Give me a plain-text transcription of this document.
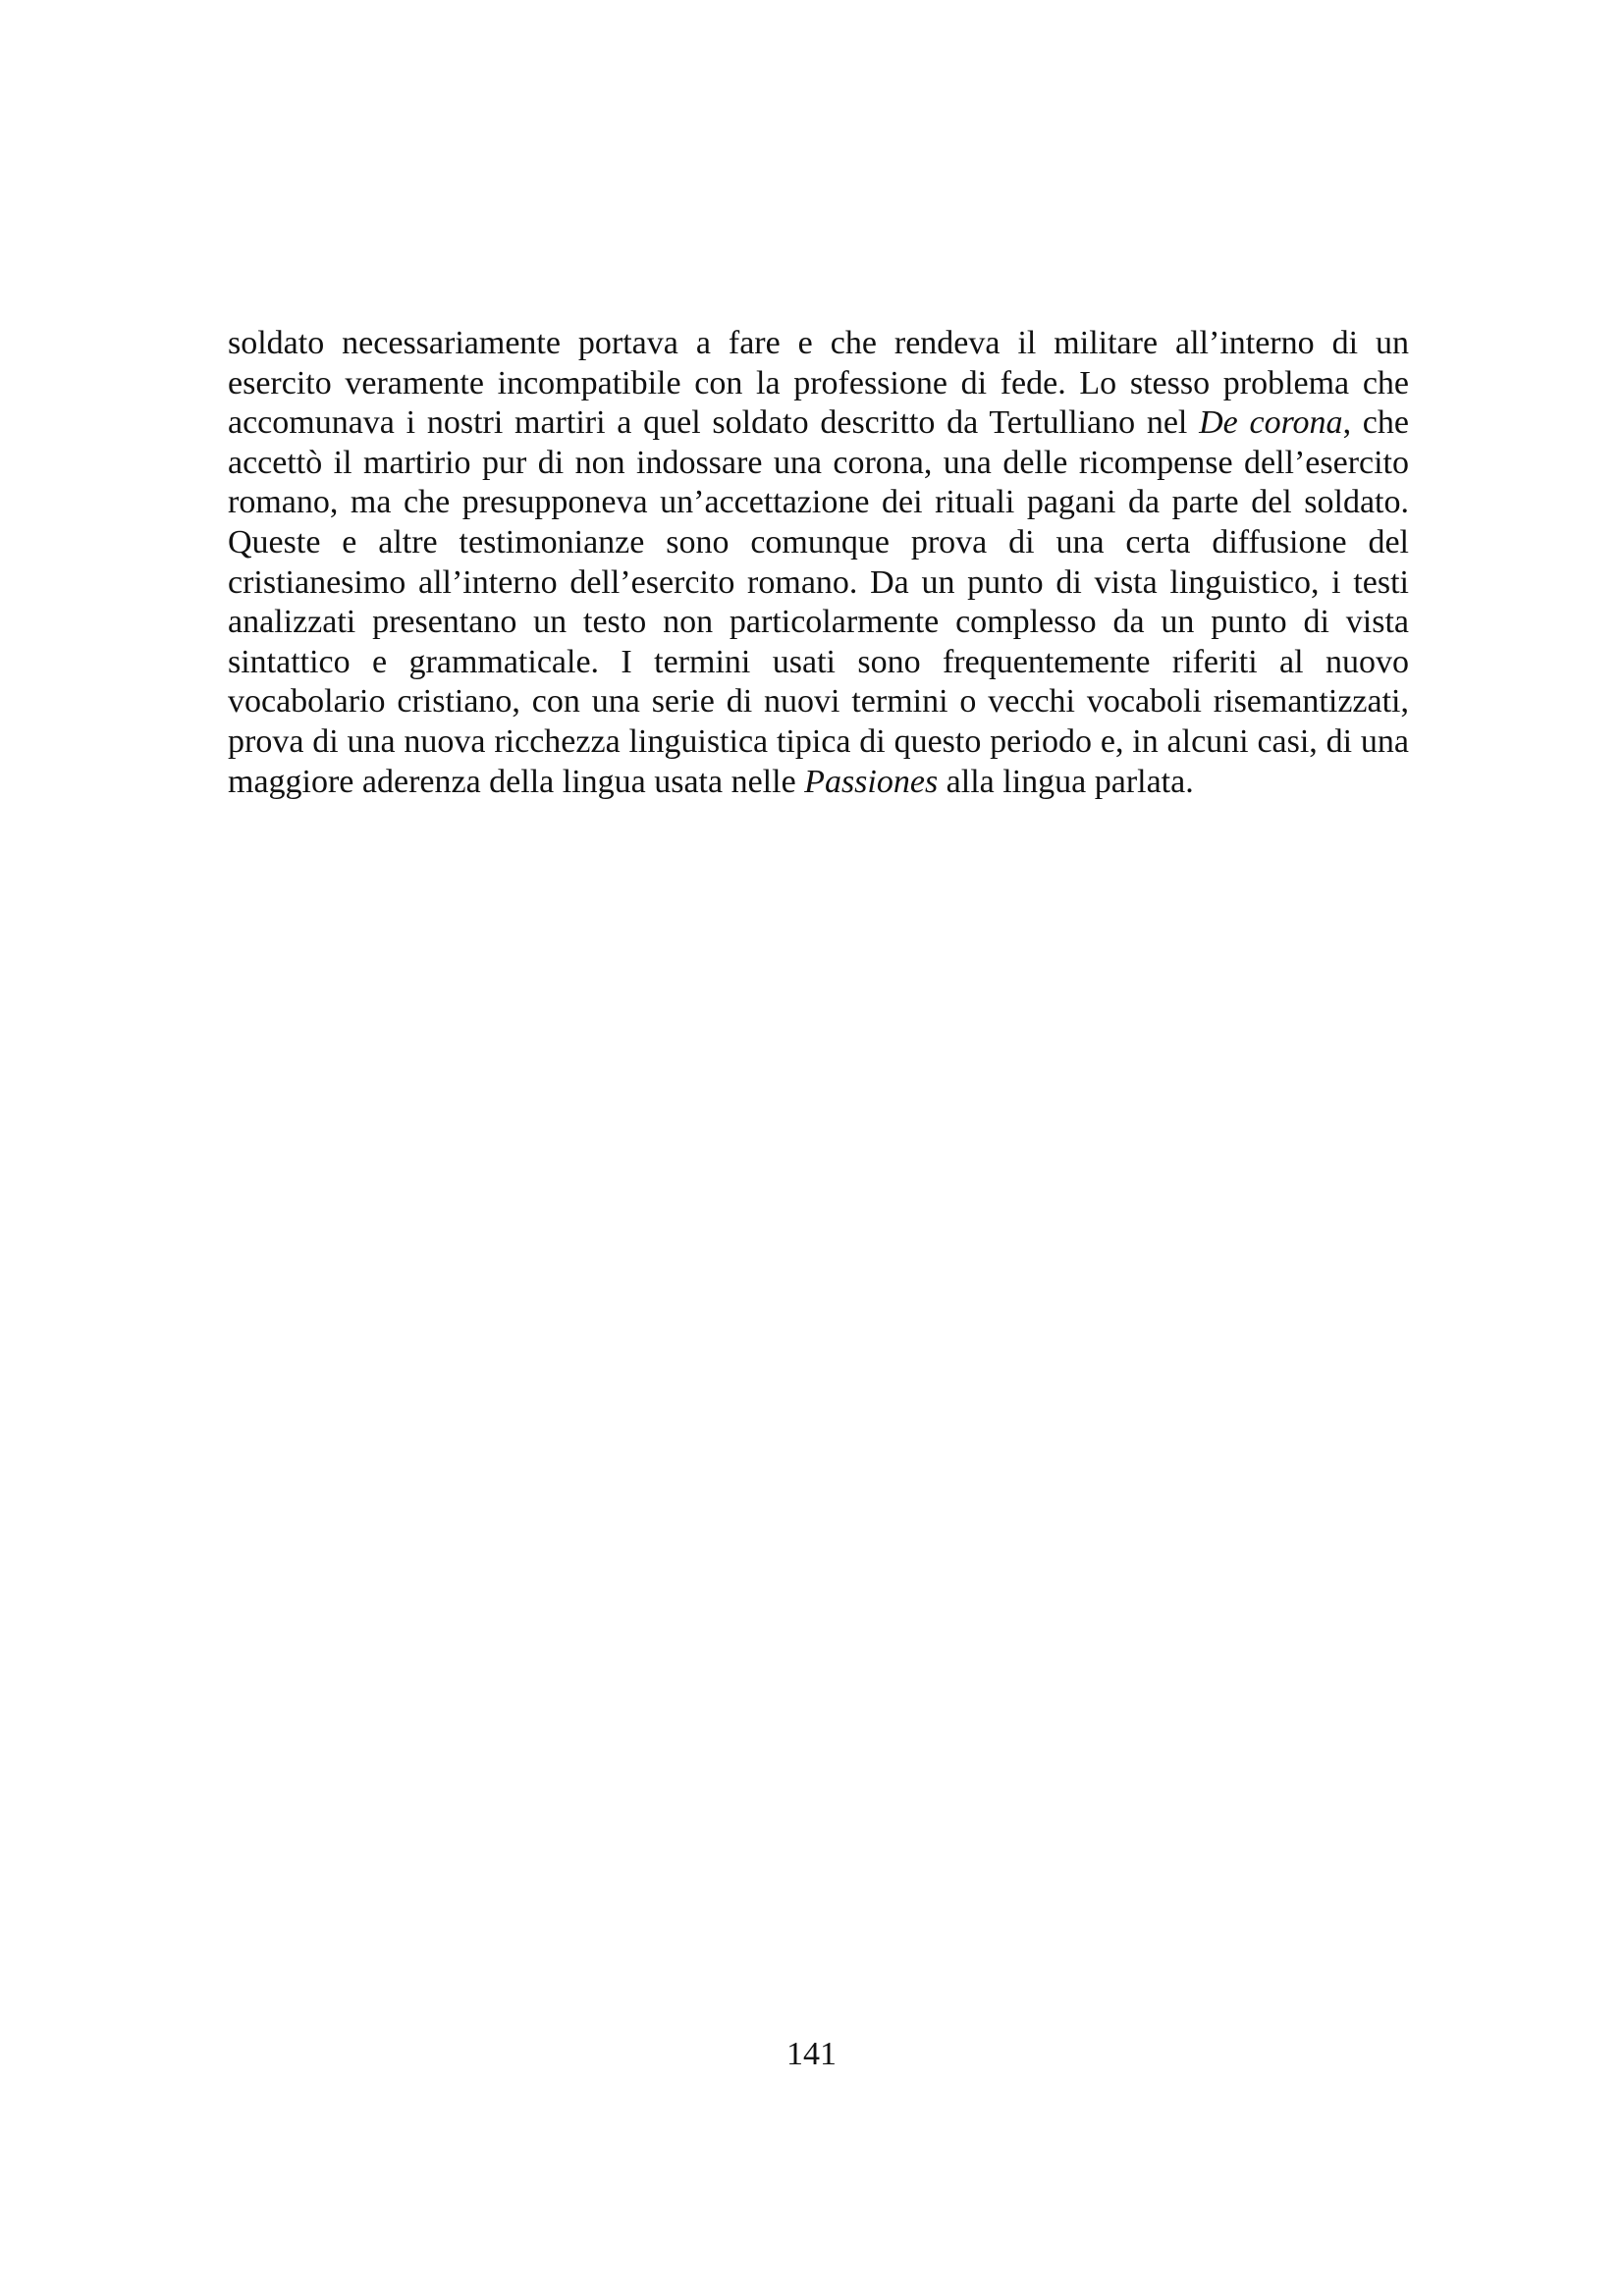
soldato necessariamente portava a fare e che rendeva il militare all’interno di un esercito veramente incompatibile con la professione di fede. Lo stesso problema che accomunava i nostri martiri a quel soldato descritto da Tertulliano nel De corona, che accettò il martirio pur di non indossare una corona, una delle ricompense dell’esercito romano, ma che presupponeva un’accettazione dei rituali pagani da parte del soldato. Queste e altre testimonianze sono comunque prova di una certa diffusione del cristianesimo all’interno dell’esercito romano. Da un punto di vista linguistico, i testi analizzati presentano un testo non particolarmente complesso da un punto di vista sintattico e grammaticale. I termini usati sono frequentemente riferiti al nuovo vocabolario cristiano, con una serie di nuovi termini o vecchi vocaboli risemantizzati, prova di una nuova ricchezza linguistica tipica di questo periodo e, in alcuni casi, di una maggiore aderenza della lingua usata nelle Passiones alla lingua parlata.

141
